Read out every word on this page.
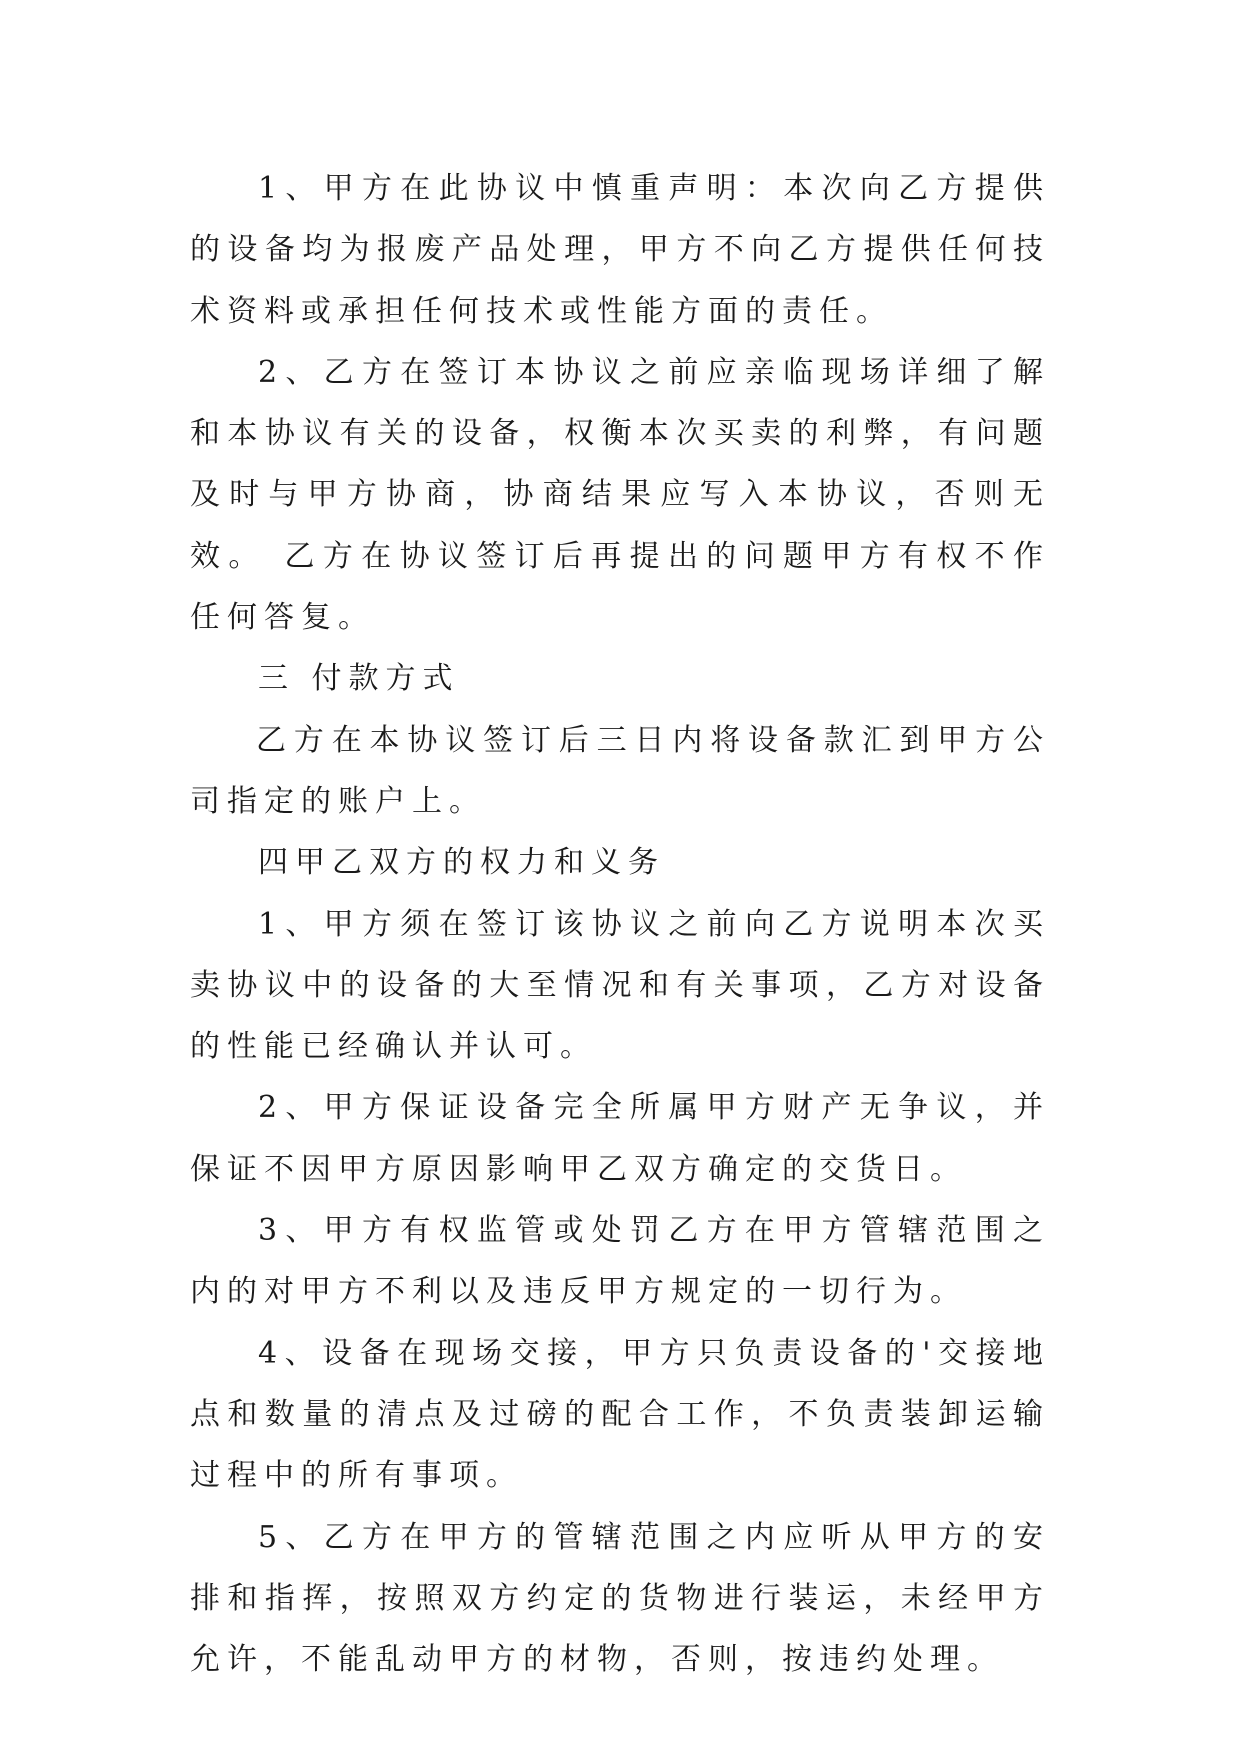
1、甲方在此协议中慎重声明：本次向乙方提供的设备均为报废产品处理，甲方不向乙方提供任何技术资料或承担任何技术或性能方面的责任。

2、乙方在签订本协议之前应亲临现场详细了解和本协议有关的设备，权衡本次买卖的利弊，有问题及时与甲方协商，协商结果应写入本协议，否则无效。 乙方在协议签订后再提出的问题甲方有权不作任何答复。

三 付款方式

乙方在本协议签订后三日内将设备款汇到甲方公司指定的账户上。

四甲乙双方的权力和义务

1、甲方须在签订该协议之前向乙方说明本次买卖协议中的设备的大至情况和有关事项，乙方对设备的性能已经确认并认可。

2、甲方保证设备完全所属甲方财产无争议，并保证不因甲方原因影响甲乙双方确定的交货日。

3、甲方有权监管或处罚乙方在甲方管辖范围之内的对甲方不利以及违反甲方规定的一切行为。

4、设备在现场交接，甲方只负责设备的'交接地点和数量的清点及过磅的配合工作，不负责装卸运输过程中的所有事项。

5、乙方在甲方的管辖范围之内应听从甲方的安排和指挥，按照双方约定的货物进行装运，未经甲方允许，不能乱动甲方的材物，否则，按违约处理。
